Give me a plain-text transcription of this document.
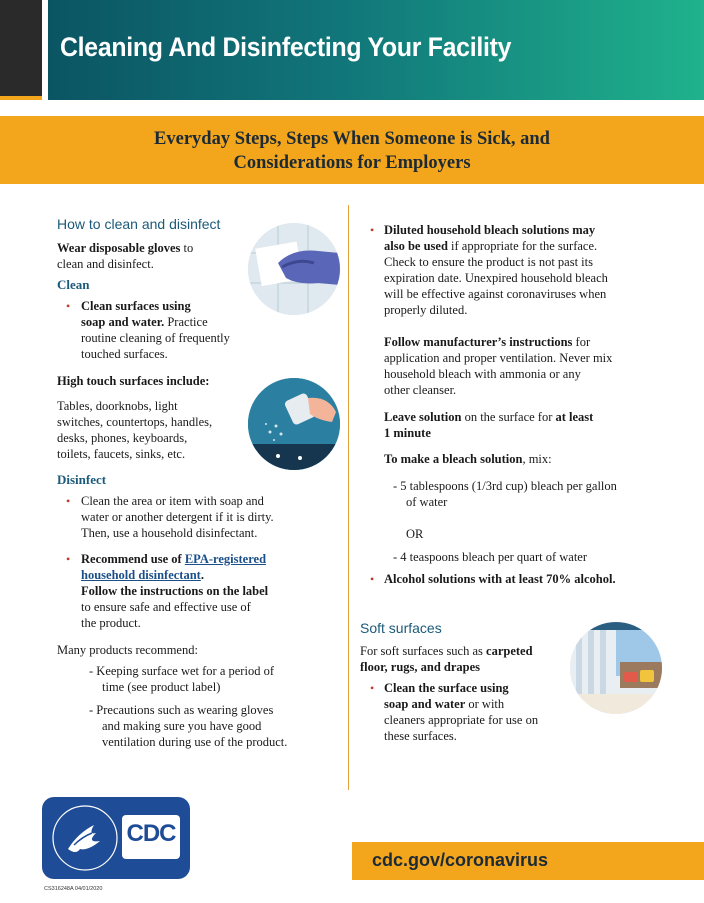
Cleaning And Disinfecting Your Facility
Everyday Steps, Steps When Someone is Sick, and
Considerations for Employers
How to clean and disinfect
Wear disposable gloves to
clean and disinfect.
Clean
• Clean surfaces using
soap and water. Practice
routine cleaning of frequently
touched surfaces.
High touch surfaces include:
Tables, doorknobs, light
switches, countertops, handles,
desks, phones, keyboards,
toilets, faucets, sinks, etc.
Disinfect
• Clean the area or item with soap and
water or another detergent if it is dirty.
Then, use a household disinfectant.
• Recommend use of EPA-registered
household disinfectant.
Follow the instructions on the label
to ensure safe and effective use of
the product.
Many products recommend:
- Keeping surface wet for a period of
time (see product label)
- Precautions such as wearing gloves
and making sure you have good
ventilation during use of the product.
• Diluted household bleach solutions may
also be used if appropriate for the surface.
Check to ensure the product is not past its
expiration date. Unexpired household bleach
will be effective against coronaviruses when
properly diluted.
Follow manufacturer’s instructions for
application and proper ventilation. Never mix
household bleach with ammonia or any
other cleanser.
Leave solution on the surface for at least
1 minute
To make a bleach solution, mix:
- 5 tablespoons (1/3rd cup) bleach per gallon
of water
OR
- 4 teaspoons bleach per quart of water
• Alcohol solutions with at least 70% alcohol.
Soft surfaces
For soft surfaces such as carpeted
floor, rugs, and drapes
• Clean the surface using
soap and water or with
cleaners appropriate for use on
these surfaces.
CDC
cdc.gov/coronavirus
CS316248A 04/01/2020
